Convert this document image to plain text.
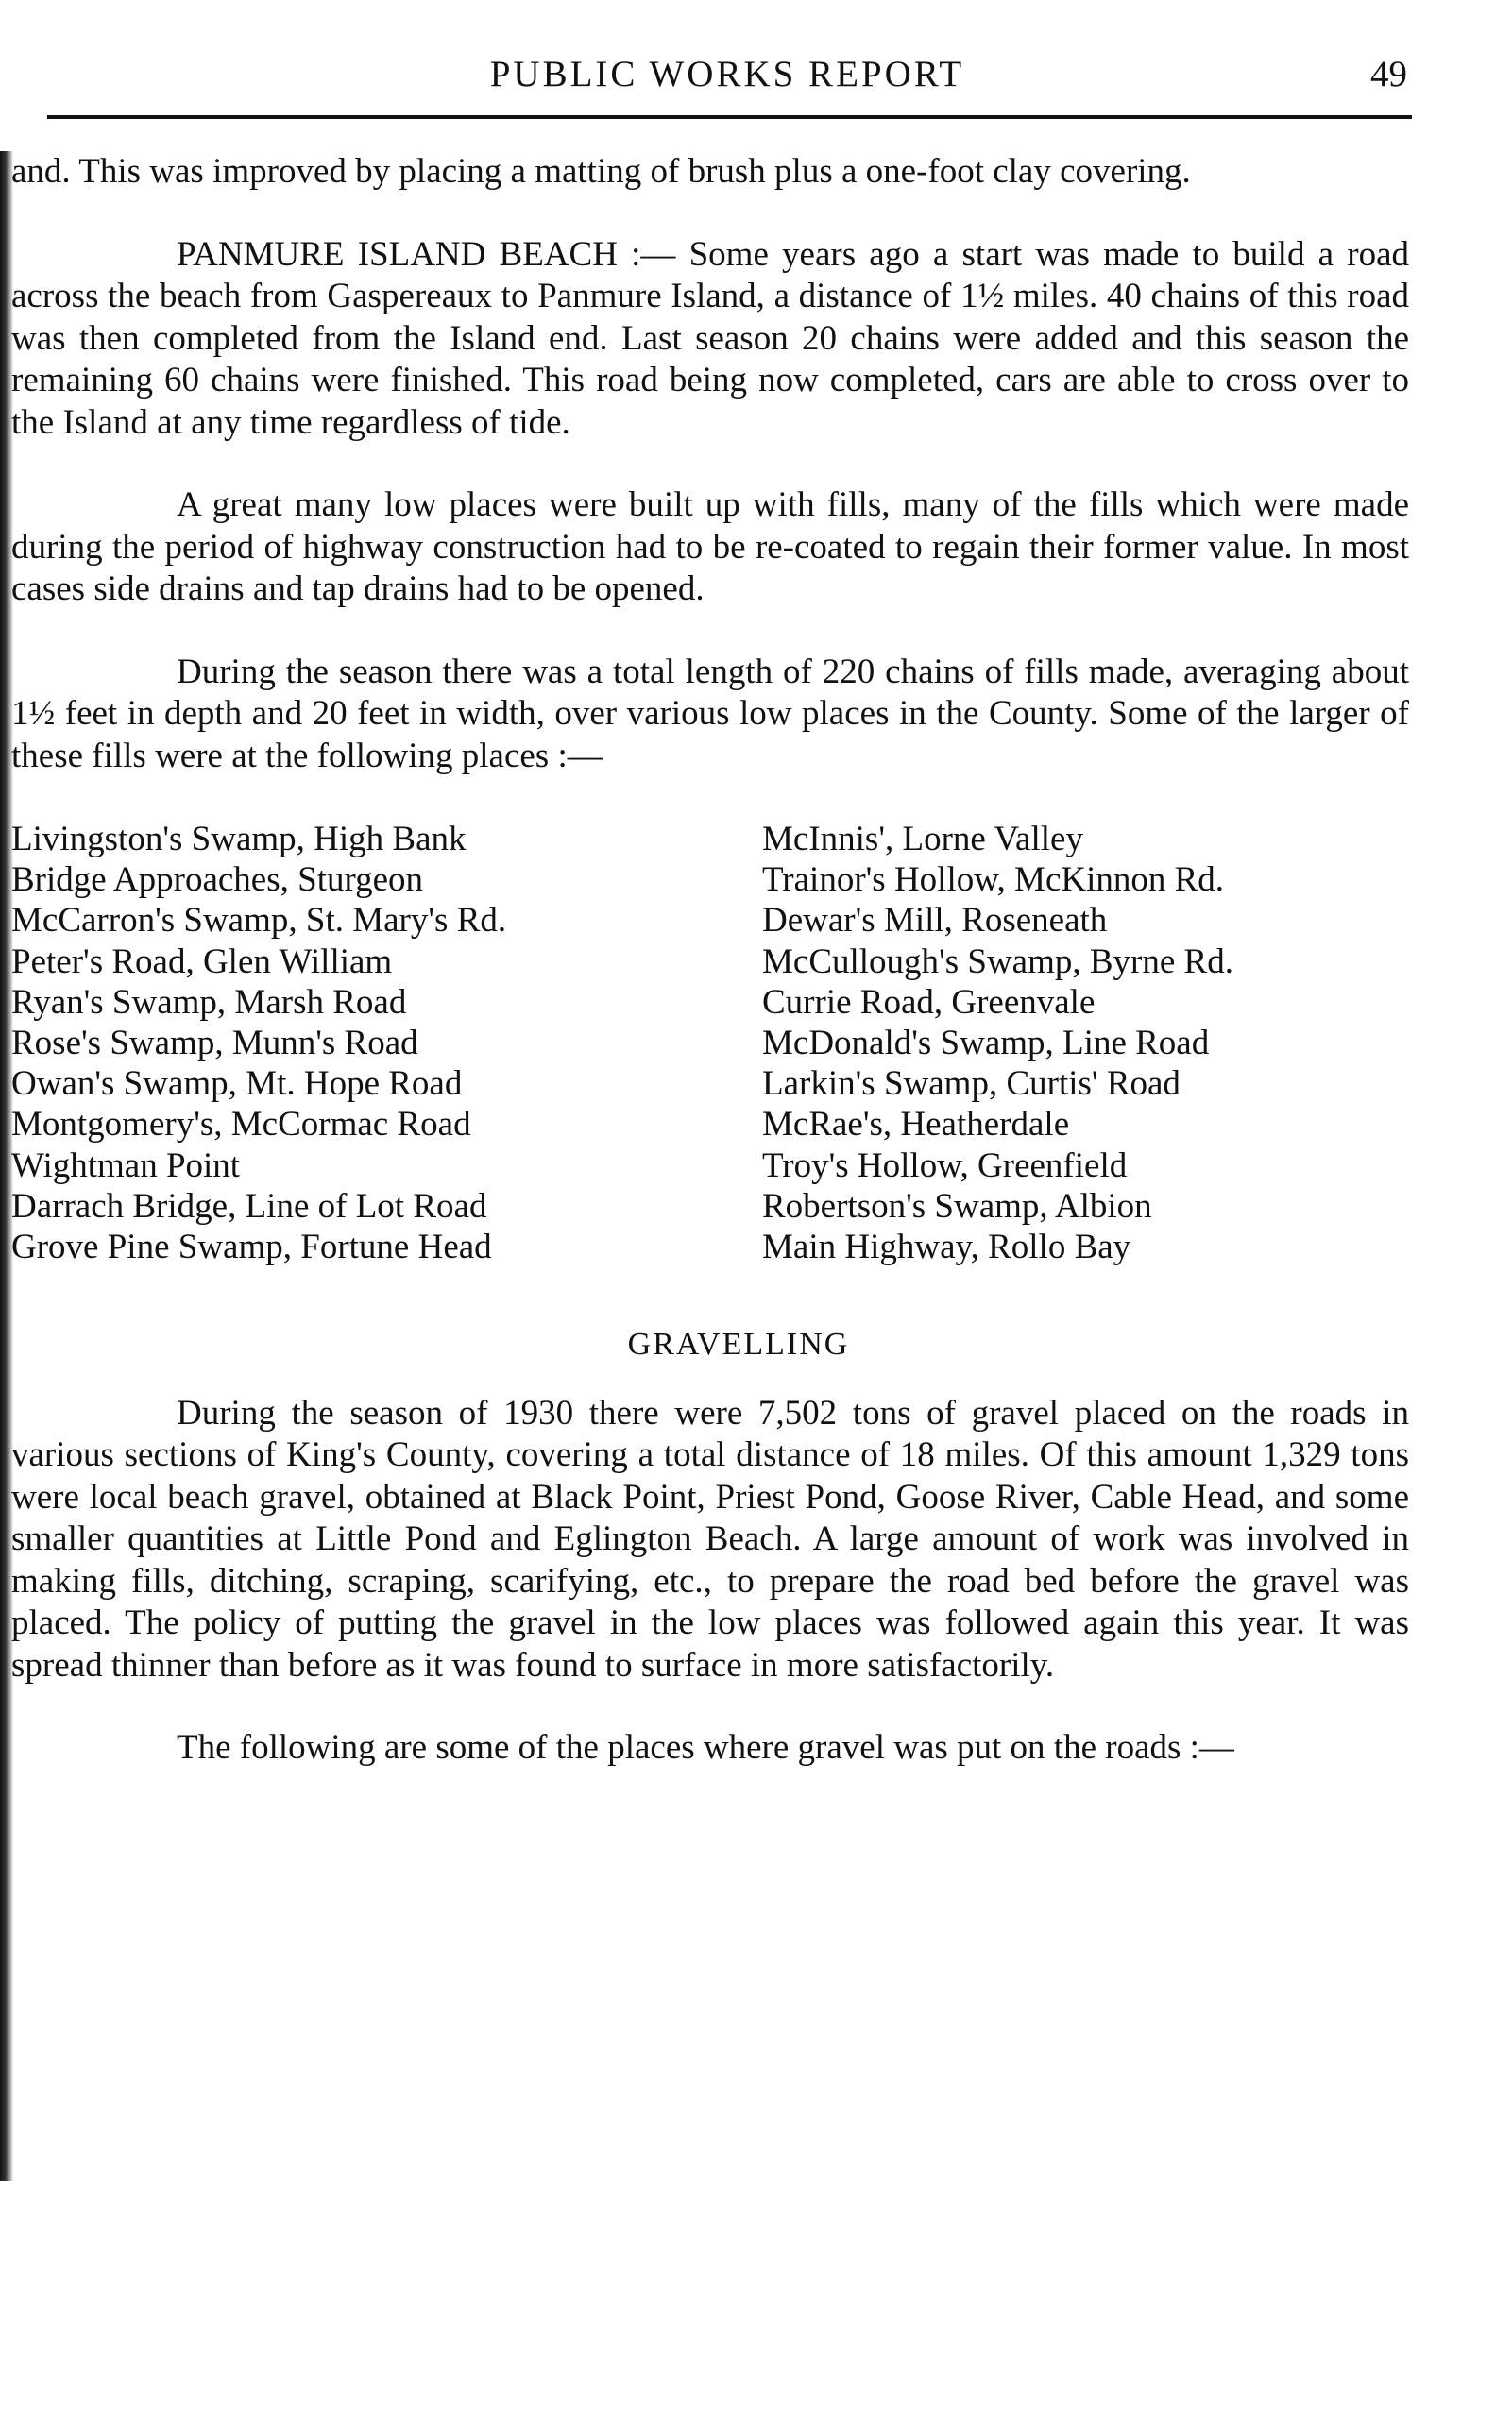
PUBLIC WORKS REPORT	49

and. This was improved by placing a matting of brush plus a one-foot clay covering.

PANMURE ISLAND BEACH :— Some years ago a start was made to build a road across the beach from Gaspereaux to Panmure Island, a distance of 1½ miles. 40 chains of this road was then completed from the Island end. Last season 20 chains were added and this season the remaining 60 chains were finished. This road being now completed, cars are able to cross over to the Island at any time regardless of tide.

A great many low places were built up with fills, many of the fills which were made during the period of highway construction had to be re-coated to regain their former value. In most cases side drains and tap drains had to be opened.

During the season there was a total length of 220 chains of fills made, averaging about 1½ feet in depth and 20 feet in width, over various low places in the County. Some of the larger of these fills were at the following places :—

Livingston's Swamp, High Bank
Bridge Approaches, Sturgeon
McCarron's Swamp, St. Mary's Rd.
Peter's Road, Glen William
Ryan's Swamp, Marsh Road
Rose's Swamp, Munn's Road
Owan's Swamp, Mt. Hope Road
Montgomery's, McCormac Road
Wightman Point
Darrach Bridge, Line of Lot Road
Grove Pine Swamp, Fortune Head
McInnis', Lorne Valley
Trainor's Hollow, McKinnon Rd.
Dewar's Mill, Roseneath
McCullough's Swamp, Byrne Rd.
Currie Road, Greenvale
McDonald's Swamp, Line Road
Larkin's Swamp, Curtis' Road
McRae's, Heatherdale
Troy's Hollow, Greenfield
Robertson's Swamp, Albion
Main Highway, Rollo Bay
GRAVELLING

During the season of 1930 there were 7,502 tons of gravel placed on the roads in various sections of King's County, covering a total distance of 18 miles. Of this amount 1,329 tons were local beach gravel, obtained at Black Point, Priest Pond, Goose River, Cable Head, and some smaller quantities at Little Pond and Eglington Beach. A large amount of work was involved in making fills, ditching, scraping, scarifying, etc., to prepare the road bed before the gravel was placed. The policy of putting the gravel in the low places was followed again this year. It was spread thinner than before as it was found to surface in more satisfactorily.

The following are some of the places where gravel was put on the roads :—
